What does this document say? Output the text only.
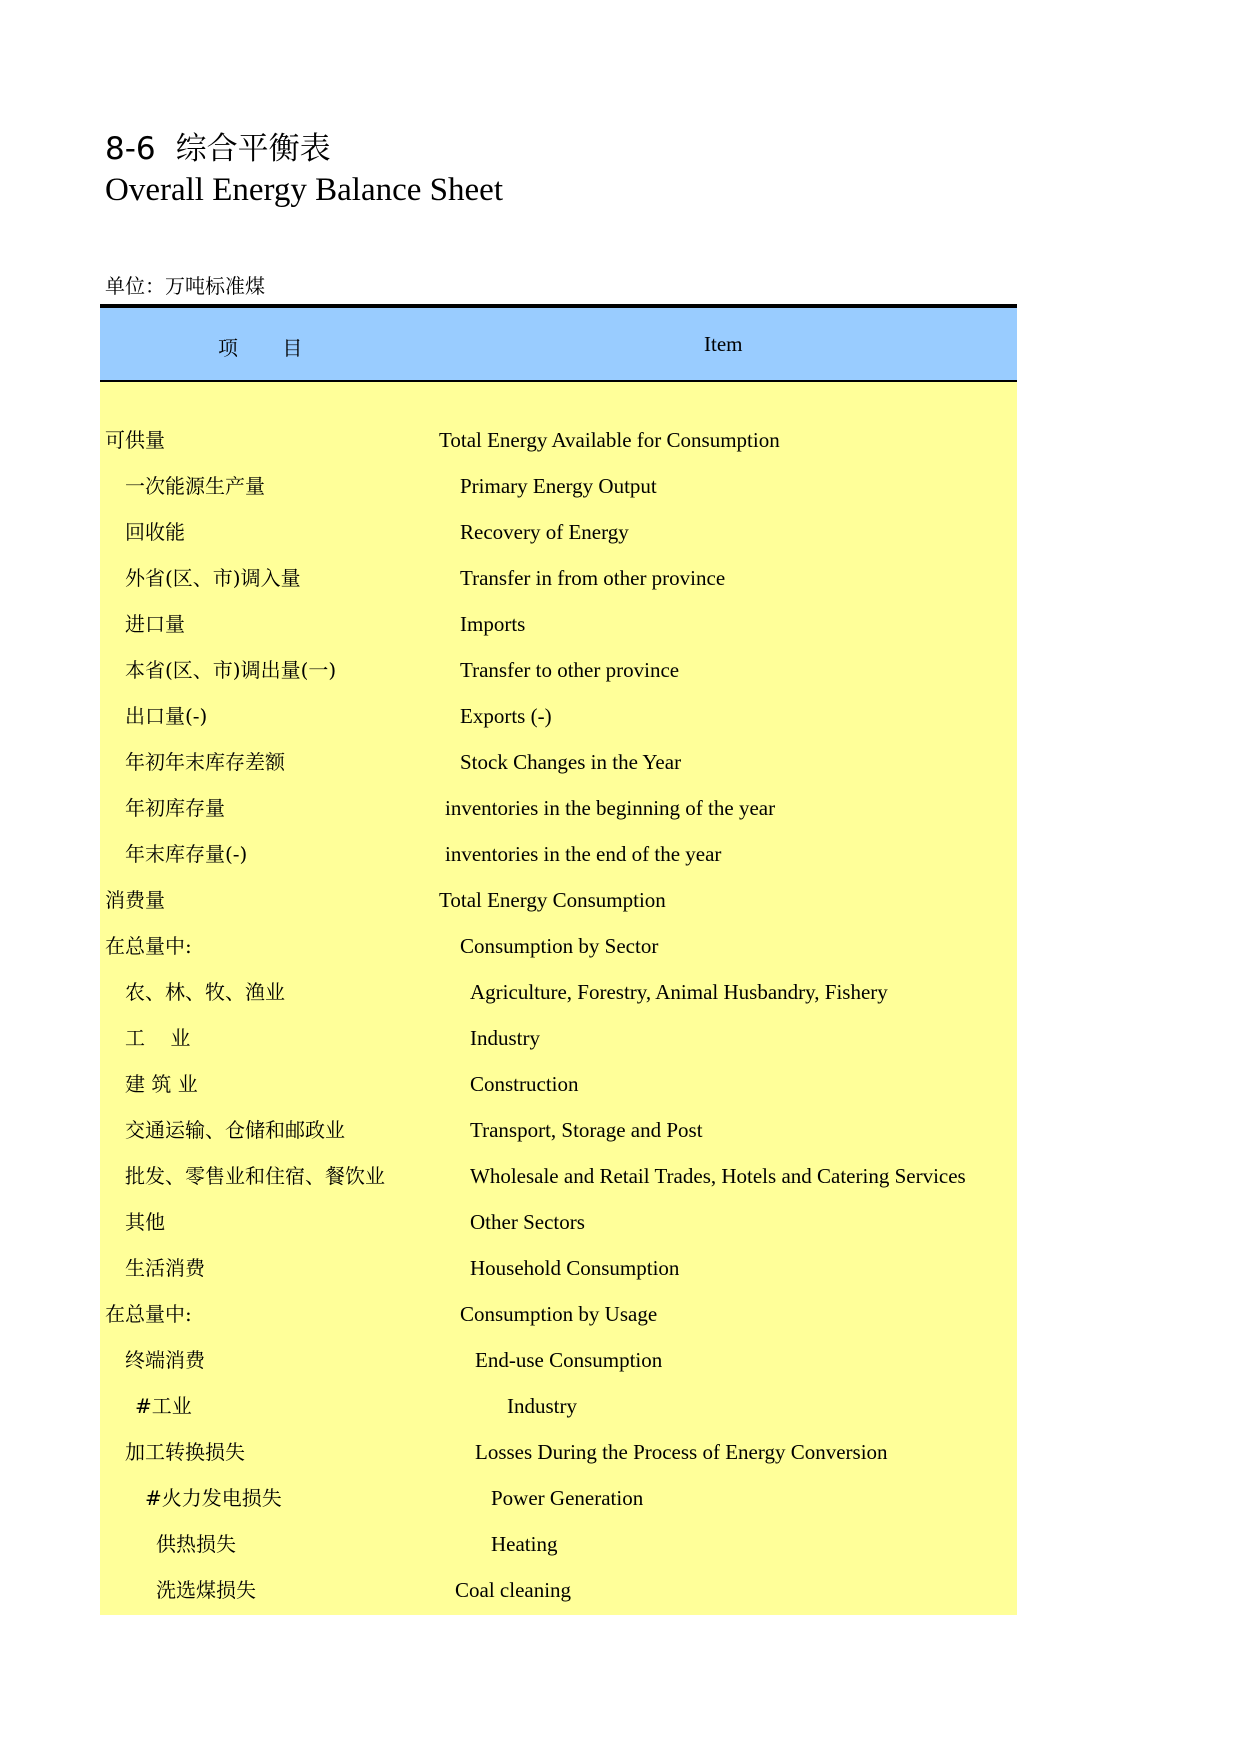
8-6 综合平衡表
Overall Energy Balance Sheet
单位：万吨标准煤
项 目	Item
可供量	Total Energy Available for Consumption
一次能源生产量	Primary Energy Output
回收能	Recovery of Energy
外省(区、市)调入量	Transfer in from other province
进口量	Imports
本省(区、市)调出量(一)	Transfer to other province
出口量(-)	Exports (-)
年初年末库存差额	Stock Changes in the Year
年初库存量	inventories in the beginning of the year
年末库存量(-)	inventories in the end of the year
消费量	Total Energy Consumption
在总量中:	Consumption by Sector
农、林、牧、渔业	Agriculture, Forestry, Animal Husbandry, Fishery
工    业	Industry
建 筑 业	Construction
交通运输、仓储和邮政业	Transport, Storage and Post
批发、零售业和住宿、餐饮业	Wholesale and Retail Trades, Hotels and Catering Services
其他	Other Sectors
生活消费	Household Consumption
在总量中:	Consumption by Usage
终端消费	End-use Consumption
#工业	Industry
加工转换损失	Losses During the Process of Energy Conversion
#火力发电损失	Power Generation
供热损失	Heating
洗选煤损失	Coal cleaning
